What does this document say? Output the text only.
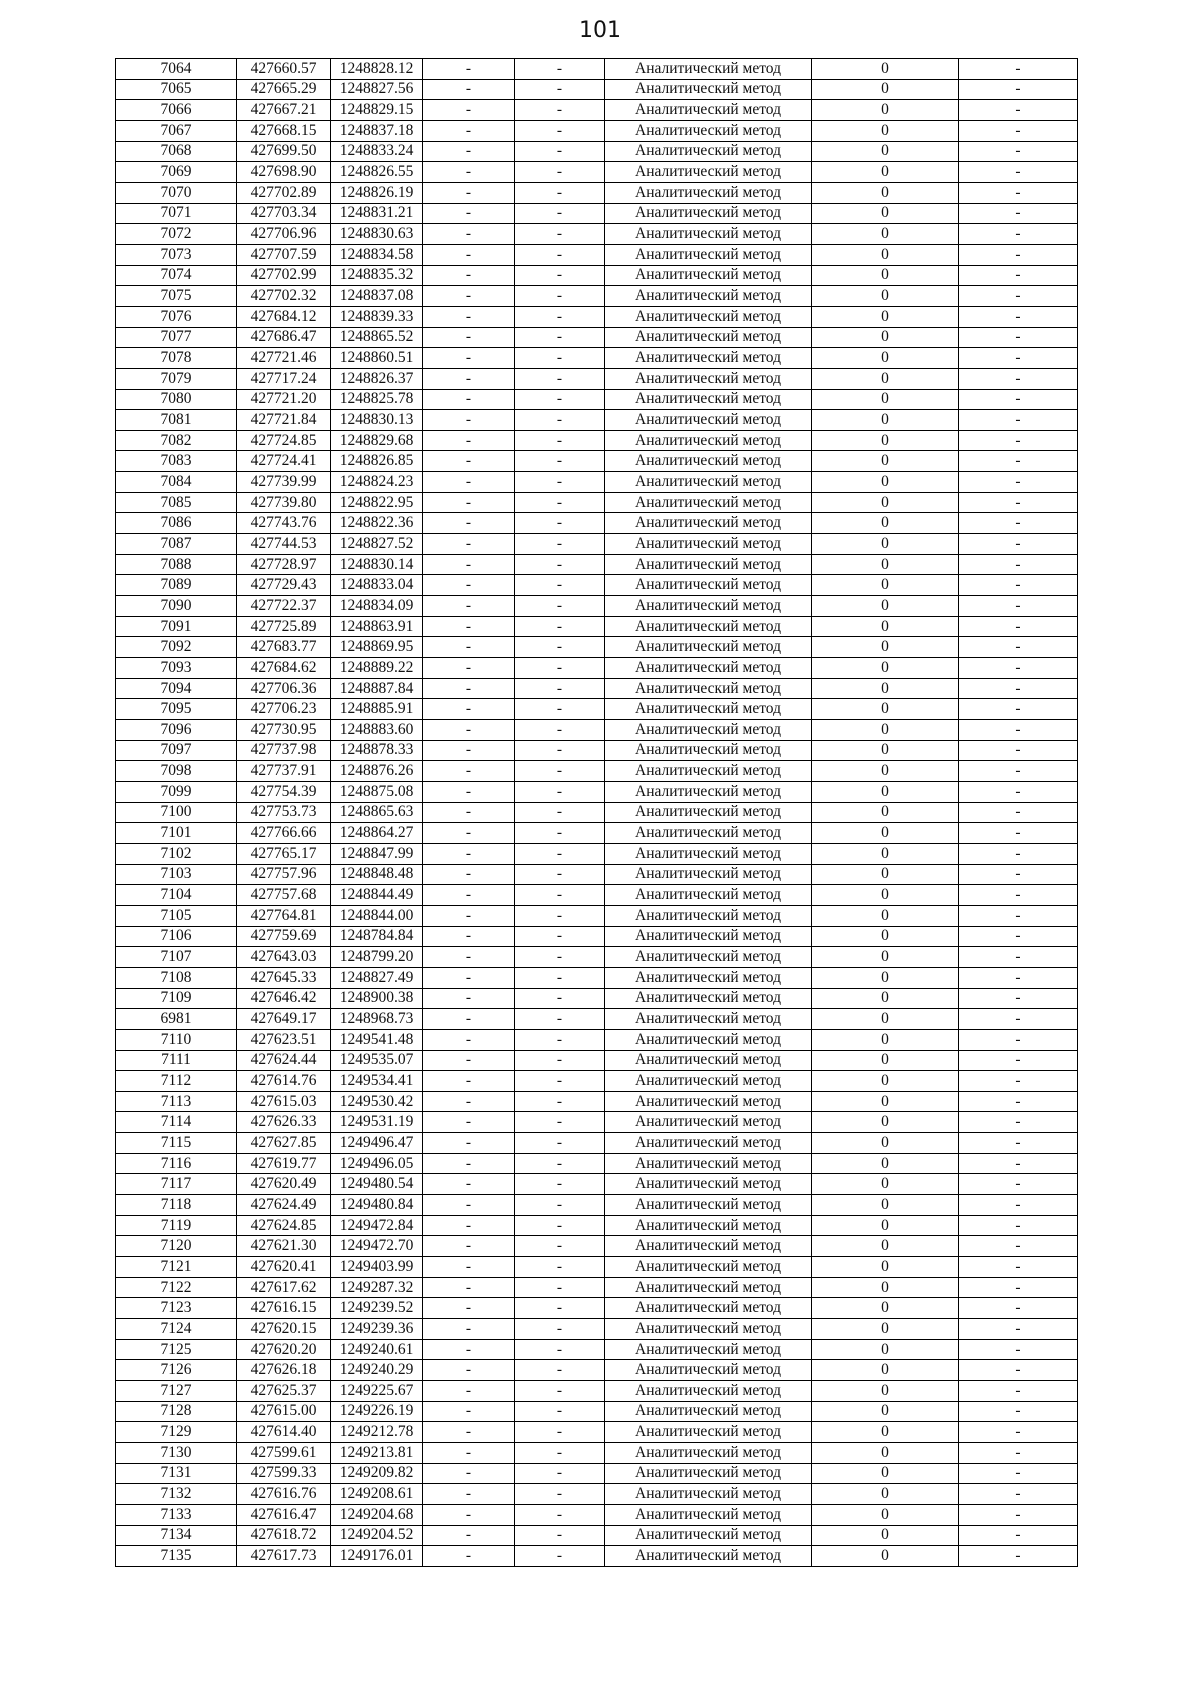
101
7064	427660.57	1248828.12	-	-	Аналитический метод	0	-
7065	427665.29	1248827.56	-	-	Аналитический метод	0	-
7066	427667.21	1248829.15	-	-	Аналитический метод	0	-
7067	427668.15	1248837.18	-	-	Аналитический метод	0	-
7068	427699.50	1248833.24	-	-	Аналитический метод	0	-
7069	427698.90	1248826.55	-	-	Аналитический метод	0	-
7070	427702.89	1248826.19	-	-	Аналитический метод	0	-
7071	427703.34	1248831.21	-	-	Аналитический метод	0	-
7072	427706.96	1248830.63	-	-	Аналитический метод	0	-
7073	427707.59	1248834.58	-	-	Аналитический метод	0	-
7074	427702.99	1248835.32	-	-	Аналитический метод	0	-
7075	427702.32	1248837.08	-	-	Аналитический метод	0	-
7076	427684.12	1248839.33	-	-	Аналитический метод	0	-
7077	427686.47	1248865.52	-	-	Аналитический метод	0	-
7078	427721.46	1248860.51	-	-	Аналитический метод	0	-
7079	427717.24	1248826.37	-	-	Аналитический метод	0	-
7080	427721.20	1248825.78	-	-	Аналитический метод	0	-
7081	427721.84	1248830.13	-	-	Аналитический метод	0	-
7082	427724.85	1248829.68	-	-	Аналитический метод	0	-
7083	427724.41	1248826.85	-	-	Аналитический метод	0	-
7084	427739.99	1248824.23	-	-	Аналитический метод	0	-
7085	427739.80	1248822.95	-	-	Аналитический метод	0	-
7086	427743.76	1248822.36	-	-	Аналитический метод	0	-
7087	427744.53	1248827.52	-	-	Аналитический метод	0	-
7088	427728.97	1248830.14	-	-	Аналитический метод	0	-
7089	427729.43	1248833.04	-	-	Аналитический метод	0	-
7090	427722.37	1248834.09	-	-	Аналитический метод	0	-
7091	427725.89	1248863.91	-	-	Аналитический метод	0	-
7092	427683.77	1248869.95	-	-	Аналитический метод	0	-
7093	427684.62	1248889.22	-	-	Аналитический метод	0	-
7094	427706.36	1248887.84	-	-	Аналитический метод	0	-
7095	427706.23	1248885.91	-	-	Аналитический метод	0	-
7096	427730.95	1248883.60	-	-	Аналитический метод	0	-
7097	427737.98	1248878.33	-	-	Аналитический метод	0	-
7098	427737.91	1248876.26	-	-	Аналитический метод	0	-
7099	427754.39	1248875.08	-	-	Аналитический метод	0	-
7100	427753.73	1248865.63	-	-	Аналитический метод	0	-
7101	427766.66	1248864.27	-	-	Аналитический метод	0	-
7102	427765.17	1248847.99	-	-	Аналитический метод	0	-
7103	427757.96	1248848.48	-	-	Аналитический метод	0	-
7104	427757.68	1248844.49	-	-	Аналитический метод	0	-
7105	427764.81	1248844.00	-	-	Аналитический метод	0	-
7106	427759.69	1248784.84	-	-	Аналитический метод	0	-
7107	427643.03	1248799.20	-	-	Аналитический метод	0	-
7108	427645.33	1248827.49	-	-	Аналитический метод	0	-
7109	427646.42	1248900.38	-	-	Аналитический метод	0	-
6981	427649.17	1248968.73	-	-	Аналитический метод	0	-
7110	427623.51	1249541.48	-	-	Аналитический метод	0	-
7111	427624.44	1249535.07	-	-	Аналитический метод	0	-
7112	427614.76	1249534.41	-	-	Аналитический метод	0	-
7113	427615.03	1249530.42	-	-	Аналитический метод	0	-
7114	427626.33	1249531.19	-	-	Аналитический метод	0	-
7115	427627.85	1249496.47	-	-	Аналитический метод	0	-
7116	427619.77	1249496.05	-	-	Аналитический метод	0	-
7117	427620.49	1249480.54	-	-	Аналитический метод	0	-
7118	427624.49	1249480.84	-	-	Аналитический метод	0	-
7119	427624.85	1249472.84	-	-	Аналитический метод	0	-
7120	427621.30	1249472.70	-	-	Аналитический метод	0	-
7121	427620.41	1249403.99	-	-	Аналитический метод	0	-
7122	427617.62	1249287.32	-	-	Аналитический метод	0	-
7123	427616.15	1249239.52	-	-	Аналитический метод	0	-
7124	427620.15	1249239.36	-	-	Аналитический метод	0	-
7125	427620.20	1249240.61	-	-	Аналитический метод	0	-
7126	427626.18	1249240.29	-	-	Аналитический метод	0	-
7127	427625.37	1249225.67	-	-	Аналитический метод	0	-
7128	427615.00	1249226.19	-	-	Аналитический метод	0	-
7129	427614.40	1249212.78	-	-	Аналитический метод	0	-
7130	427599.61	1249213.81	-	-	Аналитический метод	0	-
7131	427599.33	1249209.82	-	-	Аналитический метод	0	-
7132	427616.76	1249208.61	-	-	Аналитический метод	0	-
7133	427616.47	1249204.68	-	-	Аналитический метод	0	-
7134	427618.72	1249204.52	-	-	Аналитический метод	0	-
7135	427617.73	1249176.01	-	-	Аналитический метод	0	-
